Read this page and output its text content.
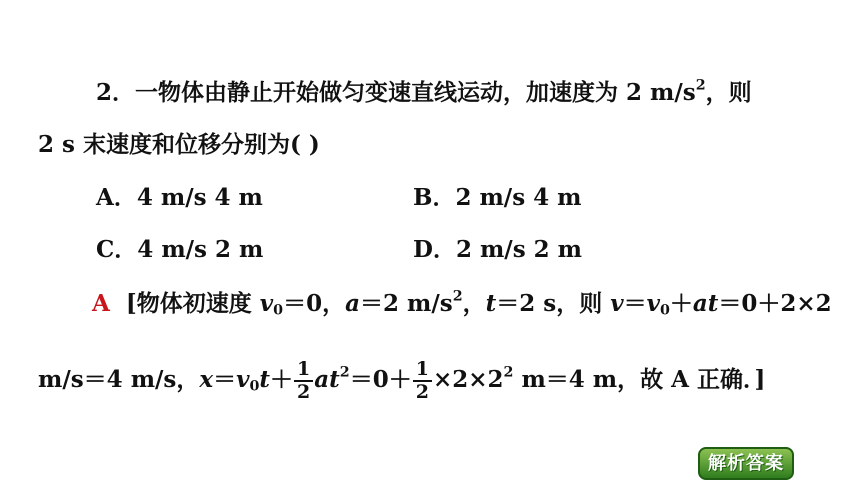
2．一物体由静止开始做匀变速直线运动，加速度为 2 $m/s^2$，则
2 s 末速度和位移分别为( )
A．4 m/s 4 m	B．2 m/s 4 m
C．4 m/s 2 m	D．2 m/s 2 m
A [物体初速度 $v_0=0$，a＝2 $m/s^2$，t＝2 s，则 $v=v_0+at=0+2\times 2$
m/s＝4 m/s，$x=v_0t+ \frac{1}{2} at^2=0+ \frac{1}{2} \times 2\times 2^2$ m＝4 m，故 A 正确．]
解析答案
